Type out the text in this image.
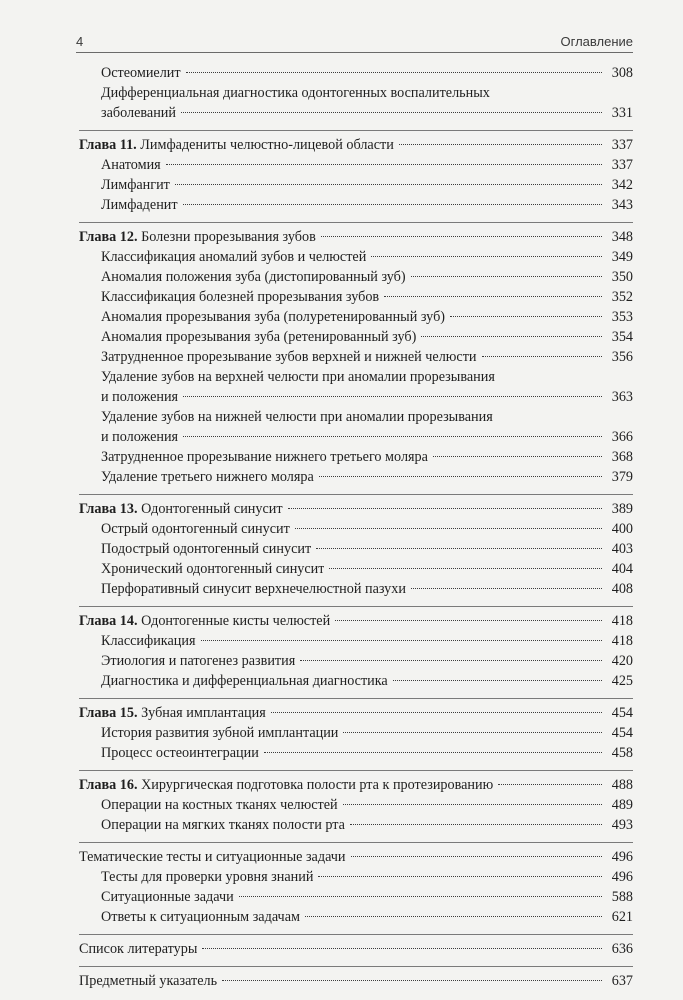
4	Оглавление
Остеомиелит	308
Дифференциальная диагностика одонтогенных воспалительных
заболеваний	331
Глава 11. Лимфадениты челюстно-лицевой области	337
Анатомия	337
Лимфангит	342
Лимфаденит	343
Глава 12. Болезни прорезывания зубов	348
Классификация аномалий зубов и челюстей	349
Аномалия положения зуба (дистопированный зуб)	350
Классификация болезней прорезывания зубов	352
Аномалия прорезывания зуба (полуретенированный зуб)	353
Аномалия прорезывания зуба (ретенированный зуб)	354
Затрудненное прорезывание зубов верхней и нижней челюсти	356
Удаление зубов на верхней челюсти при аномалии прорезывания
и положения	363
Удаление зубов на нижней челюсти при аномалии прорезывания
и положения	366
Затрудненное прорезывание нижнего третьего моляра	368
Удаление третьего нижнего моляра	379
Глава 13. Одонтогенный синусит	389
Острый одонтогенный синусит	400
Подострый одонтогенный синусит	403
Хронический одонтогенный синусит	404
Перфоративный синусит верхнечелюстной пазухи	408
Глава 14. Одонтогенные кисты челюстей	418
Классификация	418
Этиология и патогенез развития	420
Диагностика и дифференциальная диагностика	425
Глава 15. Зубная имплантация	454
История развития зубной имплантации	454
Процесс остеоинтеграции	458
Глава 16. Хирургическая подготовка полости рта к протезированию	488
Операции на костных тканях челюстей	489
Операции на мягких тканях полости рта	493
Тематические тесты и ситуационные задачи	496
Тесты для проверки уровня знаний	496
Ситуационные задачи	588
Ответы к ситуационным задачам	621
Список литературы	636
Предметный указатель	637
